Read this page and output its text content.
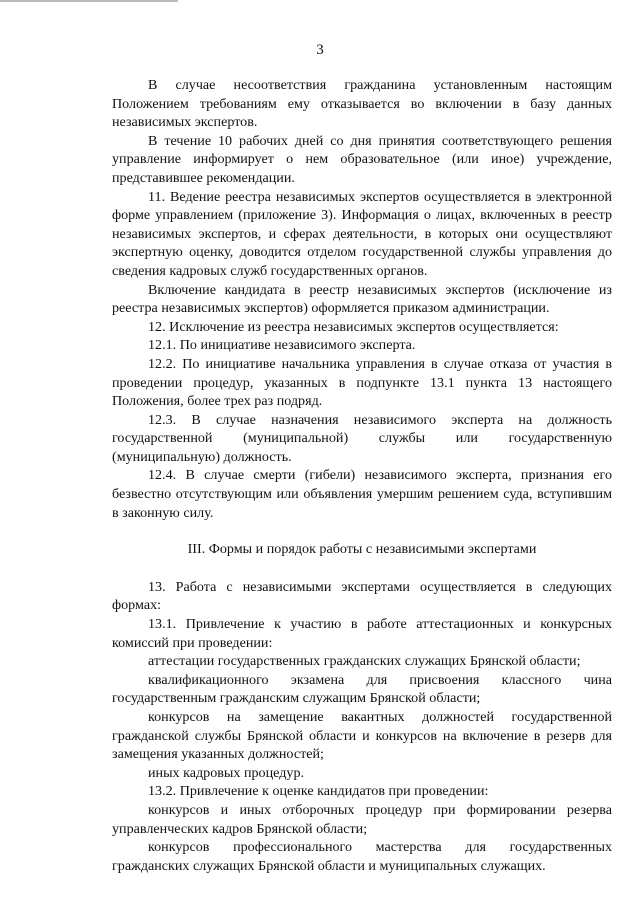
3

В случае несоответствия гражданина установленным настоящим Положением требованиям ему отказывается во включении в базу данных независимых экспертов.

В течение 10 рабочих дней со дня принятия соответствующего решения управление информирует о нем образовательное (или иное) учреждение, представившее рекомендации.

11. Ведение реестра независимых экспертов осуществляется в электронной форме управлением (приложение 3). Информация о лицах, включенных в реестр независимых экспертов, и сферах деятельности, в которых они осуществляют экспертную оценку, доводится отделом государственной службы управления до сведения кадровых служб государственных органов.

Включение кандидата в реестр независимых экспертов (исключение из реестра независимых экспертов) оформляется приказом администрации.

12. Исключение из реестра независимых экспертов осуществляется:

12.1. По инициативе независимого эксперта.

12.2. По инициативе начальника управления в случае отказа от участия в проведении процедур, указанных в подпункте 13.1 пункта 13 настоящего Положения, более трех раз подряд.

12.3. В случае назначения независимого эксперта на должность государственной (муниципальной) службы или государственную (муниципальную) должность.

12.4. В случае смерти (гибели) независимого эксперта, признания его безвестно отсутствующим или объявления умершим решением суда, вступившим в законную силу.

III. Формы и порядок работы с независимыми экспертами

13. Работа с независимыми экспертами осуществляется в следующих формах:

13.1. Привлечение к участию в работе аттестационных и конкурсных комиссий при проведении:

аттестации государственных гражданских служащих Брянской области;

квалификационного экзамена для присвоения классного чина государственным гражданским служащим Брянской области;

конкурсов на замещение вакантных должностей государственной гражданской службы Брянской области и конкурсов на включение в резерв для замещения указанных должностей;

иных кадровых процедур.

13.2. Привлечение к оценке кандидатов при проведении:

конкурсов и иных отборочных процедур при формировании резерва управленческих кадров Брянской области;

конкурсов профессионального мастерства для государственных гражданских служащих Брянской области и муниципальных служащих.
